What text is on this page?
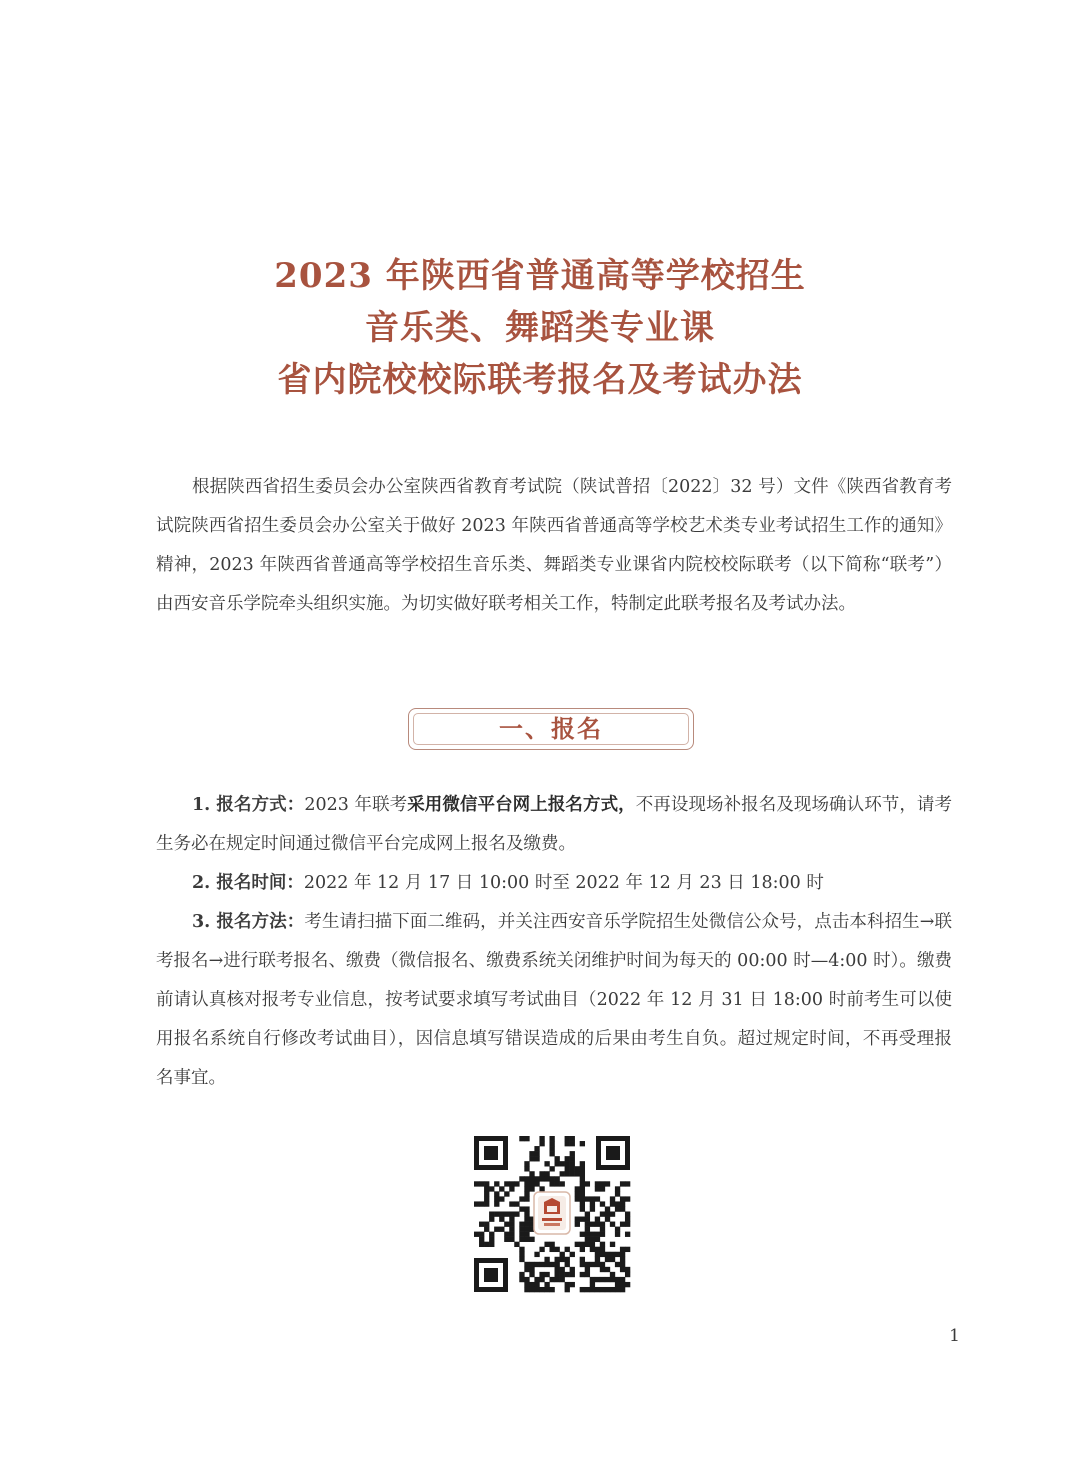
2023 年陕西省普通高等学校招生
音乐类、舞蹈类专业课
省内院校校际联考报名及考试办法

根据陕西省招生委员会办公室陕西省教育考试院（陕试普招〔2022〕32 号）文件《陕西省教育考试院陕西省招生委员会办公室关于做好 2023 年陕西省普通高等学校艺术类专业考试招生工作的通知》精神，2023 年陕西省普通高等学校招生音乐类、舞蹈类专业课省内院校校际联考（以下简称“联考”）由西安音乐学院牵头组织实施。为切实做好联考相关工作，特制定此联考报名及考试办法。

一、报名

1. 报名方式：2023 年联考采用微信平台网上报名方式，不再设现场补报名及现场确认环节，请考生务必在规定时间通过微信平台完成网上报名及缴费。

2. 报名时间：2022 年 12 月 17 日 10:00 时至 2022 年 12 月 23 日 18:00 时

3. 报名方法：考生请扫描下面二维码，并关注西安音乐学院招生处微信公众号，点击本科招生→联考报名→进行联考报名、缴费（微信报名、缴费系统关闭维护时间为每天的 00:00 时—4:00 时）。缴费前请认真核对报考专业信息，按考试要求填写考试曲目（2022 年 12 月 31 日 18:00 时前考生可以使用报名系统自行修改考试曲目），因信息填写错误造成的后果由考生自负。超过规定时间，不再受理报名事宜。

1
